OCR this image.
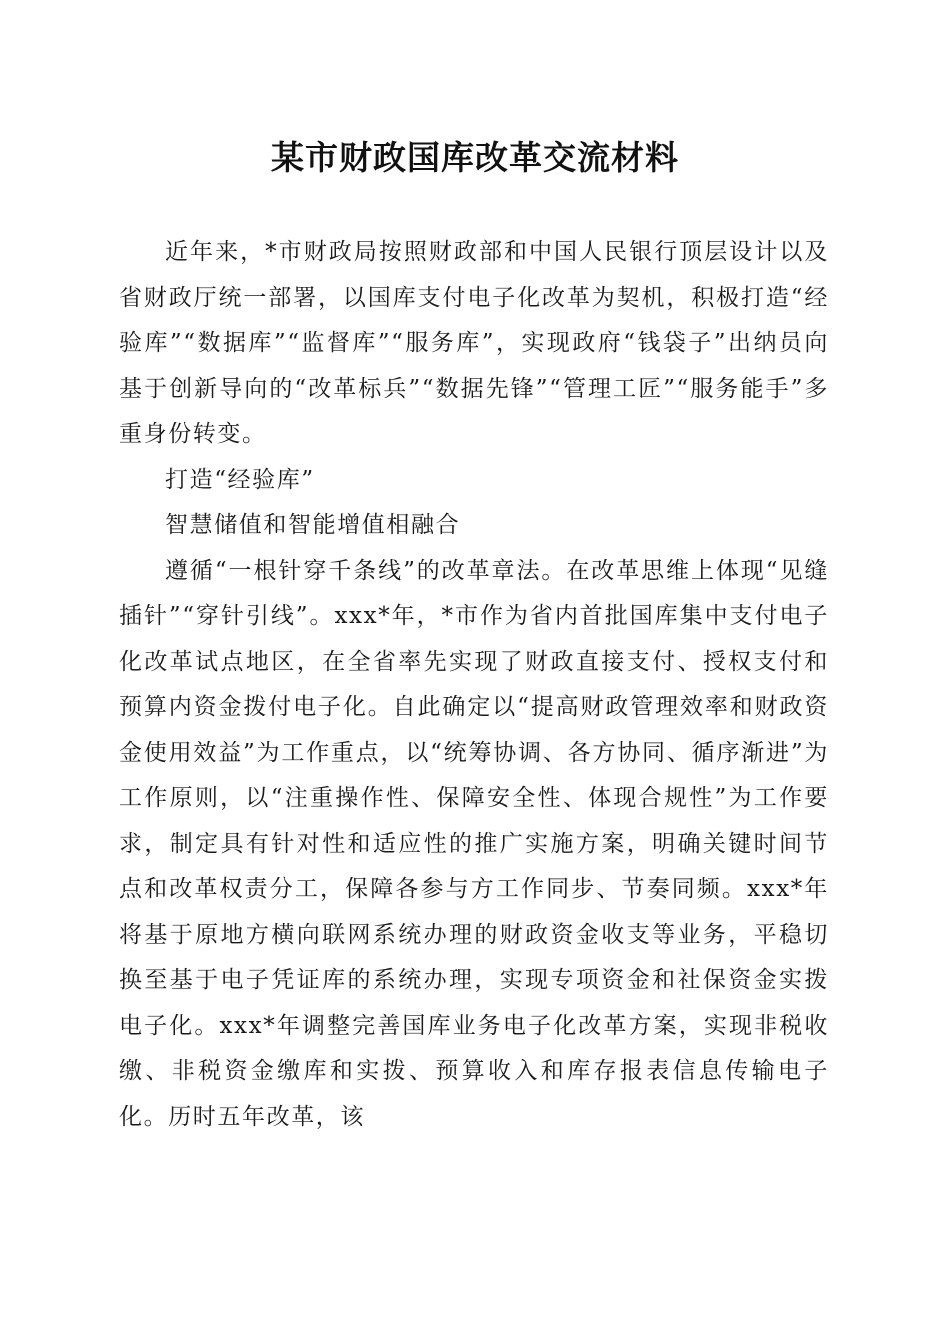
某市财政国库改革交流材料

近年来，*市财政局按照财政部和中国人民银行顶层设计以及省财政厅统一部署，以国库支付电子化改革为契机，积极打造“经验库”“数据库”“监督库”“服务库”，实现政府“钱袋子”出纳员向基于创新导向的“改革标兵”“数据先锋”“管理工匠”“服务能手”多重身份转变。

打造“经验库”

智慧储值和智能增值相融合

遵循“一根针穿千条线”的改革章法。在改革思维上体现“见缝插针”“穿针引线”。xxx*年，*市作为省内首批国库集中支付电子化改革试点地区，在全省率先实现了财政直接支付、授权支付和预算内资金拨付电子化。自此确定以“提高财政管理效率和财政资金使用效益”为工作重点，以“统筹协调、各方协同、循序渐进”为工作原则，以“注重操作性、保障安全性、体现合规性”为工作要求，制定具有针对性和适应性的推广实施方案，明确关键时间节点和改革权责分工，保障各参与方工作同步、节奏同频。xxx*年将基于原地方横向联网系统办理的财政资金收支等业务，平稳切换至基于电子凭证库的系统办理，实现专项资金和社保资金实拨电子化。xxx*年调整完善国库业务电子化改革方案，实现非税收缴、非税资金缴库和实拨、预算收入和库存报表信息传输电子化。历时五年改革，该
